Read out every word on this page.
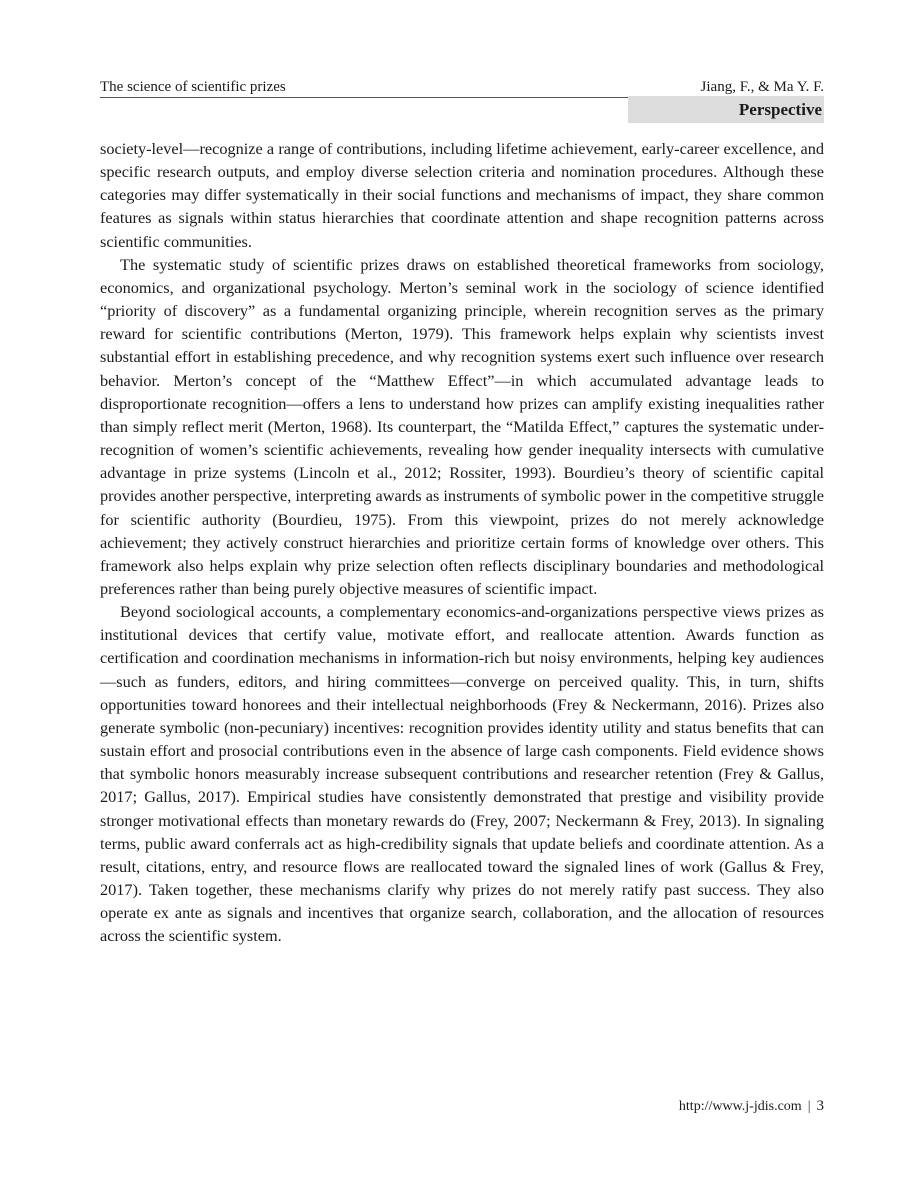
The science of scientific prizes	Jiang, F., & Ma Y. F.
Perspective

society-level—recognize a range of contributions, including lifetime achievement, early-career excellence, and specific research outputs, and employ diverse selection criteria and nomination procedures. Although these categories may differ systematically in their social functions and mechanisms of impact, they share common features as signals within status hierarchies that coordinate attention and shape recognition patterns across scientific communities.

The systematic study of scientific prizes draws on established theoretical frameworks from sociology, economics, and organizational psychology. Merton’s seminal work in the sociology of science identified “priority of discovery” as a fundamental organizing principle, wherein recognition serves as the primary reward for scientific contributions (Merton, 1979). This framework helps explain why scientists invest substantial effort in establishing precedence, and why recognition systems exert such influence over research behavior. Merton’s concept of the “Matthew Effect”—in which accumulated advantage leads to disproportionate recognition—offers a lens to understand how prizes can amplify existing inequalities rather than simply reflect merit (Merton, 1968). Its counterpart, the “Matilda Effect,” captures the systematic under-recognition of women’s scientific achievements, revealing how gender inequality intersects with cumulative advantage in prize systems (Lincoln et al., 2012; Rossiter, 1993). Bourdieu’s theory of scientific capital provides another perspective, interpreting awards as instruments of symbolic power in the competitive struggle for scientific authority (Bourdieu, 1975). From this viewpoint, prizes do not merely acknowledge achievement; they actively construct hierarchies and prioritize certain forms of knowledge over others. This framework also helps explain why prize selection often reflects disciplinary boundaries and methodological preferences rather than being purely objective measures of scientific impact.

Beyond sociological accounts, a complementary economics-and-organizations perspective views prizes as institutional devices that certify value, motivate effort, and reallocate attention. Awards function as certification and coordination mechanisms in information-rich but noisy environments, helping key audiences—such as funders, editors, and hiring committees—converge on perceived quality. This, in turn, shifts opportunities toward honorees and their intellectual neighborhoods (Frey & Neckermann, 2016). Prizes also generate symbolic (non-pecuniary) incentives: recognition provides identity utility and status benefits that can sustain effort and prosocial contributions even in the absence of large cash components. Field evidence shows that symbolic honors measurably increase subsequent contributions and researcher retention (Frey & Gallus, 2017; Gallus, 2017). Empirical studies have consistently demonstrated that prestige and visibility provide stronger motivational effects than monetary rewards do (Frey, 2007; Neckermann & Frey, 2013). In signaling terms, public award conferrals act as high-credibility signals that update beliefs and coordinate attention. As a result, citations, entry, and resource flows are reallocated toward the signaled lines of work (Gallus & Frey, 2017). Taken together, these mechanisms clarify why prizes do not merely ratify past success. They also operate ex ante as signals and incentives that organize search, collaboration, and the allocation of resources across the scientific system.

http://www.j-jdis.com | 3
